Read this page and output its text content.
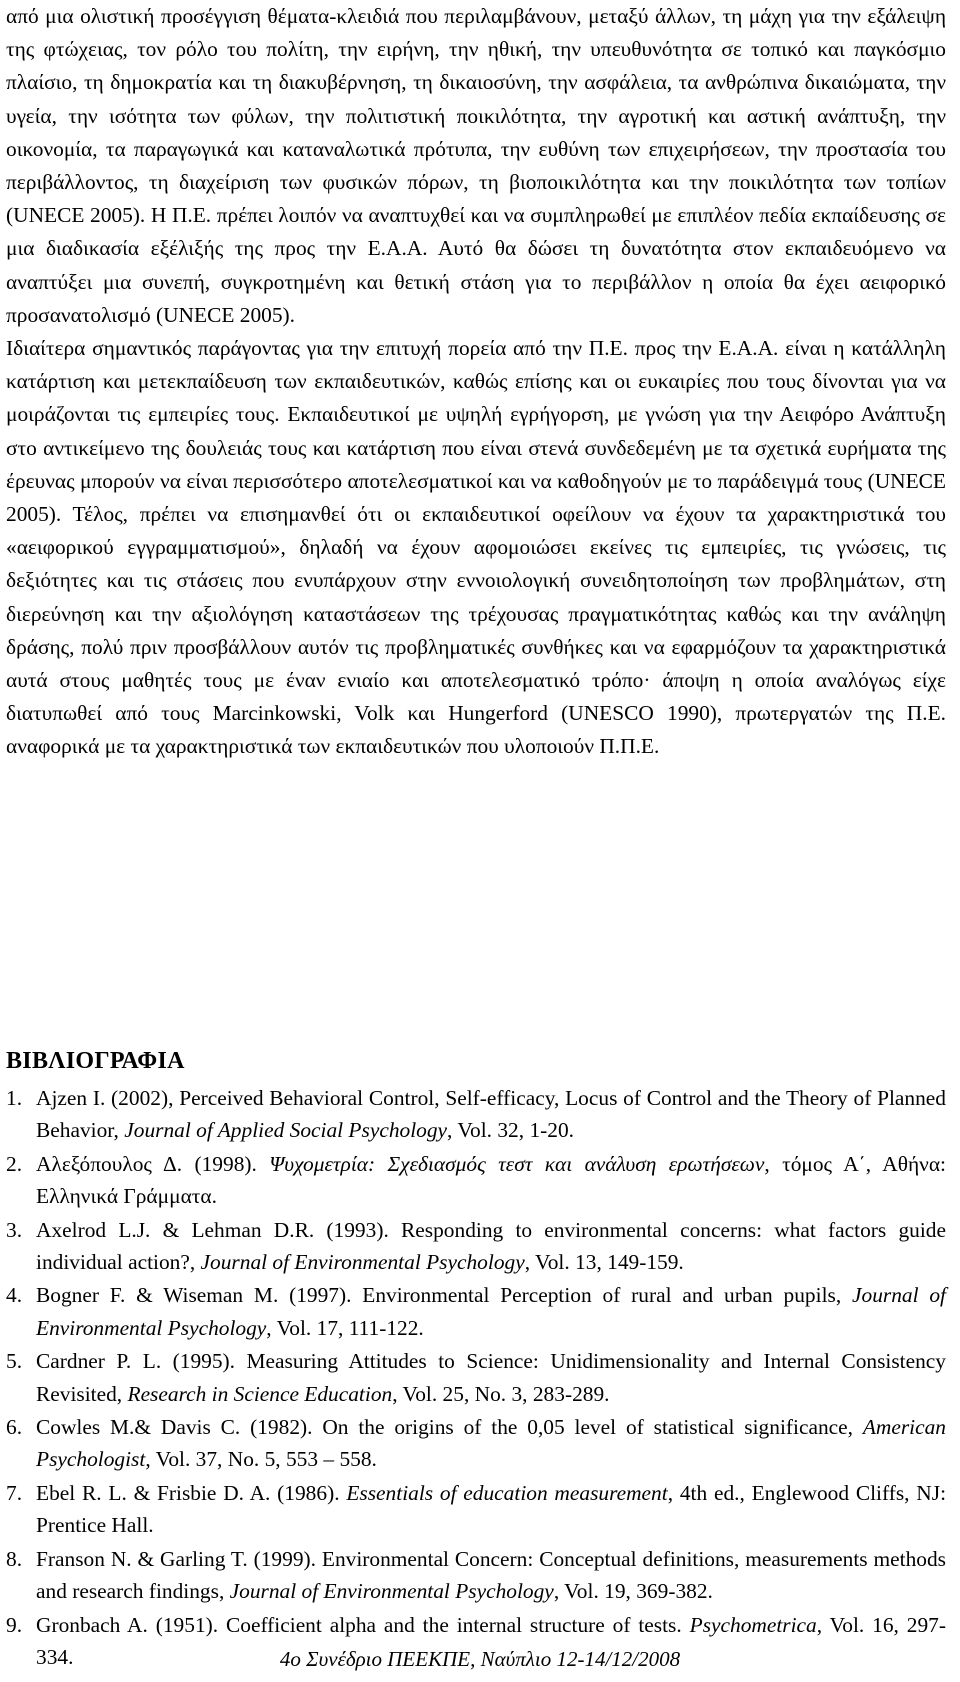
από μια ολιστική προσέγγιση θέματα-κλειδιά που περιλαμβάνουν, μεταξύ άλλων, τη μάχη για την εξάλειψη της φτώχειας, τον ρόλο του πολίτη, την ειρήνη, την ηθική, την υπευθυνότητα σε τοπικό και παγκόσμιο πλαίσιο, τη δημοκρατία και τη διακυβέρνηση, τη δικαιοσύνη, την ασφάλεια, τα ανθρώπινα δικαιώματα, την υγεία, την ισότητα των φύλων, την πολιτιστική ποικιλότητα, την αγροτική και αστική ανάπτυξη, την οικονομία, τα παραγωγικά και καταναλωτικά πρότυπα, την ευθύνη των επιχειρήσεων, την προστασία του περιβάλλοντος, τη διαχείριση των φυσικών πόρων, τη βιοποικιλότητα και την ποικιλότητα των τοπίων (UNECE 2005). Η Π.Ε. πρέπει λοιπόν να αναπτυχθεί και να συμπληρωθεί με επιπλέον πεδία εκπαίδευσης σε μια διαδικασία εξέλιξής της προς την Ε.Α.Α. Αυτό θα δώσει τη δυνατότητα στον εκπαιδευόμενο να αναπτύξει μια συνεπή, συγκροτημένη και θετική στάση για το περιβάλλον η οποία θα έχει αειφορικό προσανατολισμό (UNECE 2005).

Ιδιαίτερα σημαντικός παράγοντας για την επιτυχή πορεία από την Π.Ε. προς την Ε.Α.Α. είναι η κατάλληλη κατάρτιση και μετεκπαίδευση των εκπαιδευτικών, καθώς επίσης και οι ευκαιρίες που τους δίνονται για να μοιράζονται τις εμπειρίες τους. Εκπαιδευτικοί με υψηλή εγρήγορση, με γνώση για την Αειφόρο Ανάπτυξη στο αντικείμενο της δουλειάς τους και κατάρτιση που είναι στενά συνδεδεμένη με τα σχετικά ευρήματα της έρευνας μπορούν να είναι περισσότερο αποτελεσματικοί και να καθοδηγούν με το παράδειγμά τους (UNECE 2005). Τέλος, πρέπει να επισημανθεί ότι οι εκπαιδευτικοί οφείλουν να έχουν τα χαρακτηριστικά του «αειφορικού εγγραμματισμού», δηλαδή να έχουν αφομοιώσει εκείνες τις εμπειρίες, τις γνώσεις, τις δεξιότητες και τις στάσεις που ενυπάρχουν στην εννοιολογική συνειδητοποίηση των προβλημάτων, στη διερεύνηση και την αξιολόγηση καταστάσεων της τρέχουσας πραγματικότητας καθώς και την ανάληψη δράσης, πολύ πριν προσβάλλουν αυτόν τις προβληματικές συνθήκες και να εφαρμόζουν τα χαρακτηριστικά αυτά στους μαθητές τους με έναν ενιαίο και αποτελεσματικό τρόπο· άποψη η οποία αναλόγως είχε διατυπωθεί από τους Marcinkowski, Volk και Hungerford (UNESCO 1990), πρωτεργατών της Π.Ε. αναφορικά με τα χαρακτηριστικά των εκπαιδευτικών που υλοποιούν Π.Π.Ε.

ΒΙΒΛΙΟΓΡΑΦΙΑ
1. Ajzen I. (2002), Perceived Behavioral Control, Self-efficacy, Locus of Control and the Theory of Planned Behavior, Journal of Applied Social Psychology, Vol. 32, 1-20.
2. Αλεξόπουλος Δ. (1998). Ψυχομετρία: Σχεδιασμός τεστ και ανάλυση ερωτήσεων, τόμος Α΄, Αθήνα: Ελληνικά Γράμματα.
3. Axelrod L.J. & Lehman D.R. (1993). Responding to environmental concerns: what factors guide individual action?, Journal of Environmental Psychology, Vol. 13, 149-159.
4. Bogner F. & Wiseman M. (1997). Environmental Perception of rural and urban pupils, Journal of Environmental Psychology, Vol. 17, 111-122.
5. Cardner P. L. (1995). Measuring Attitudes to Science: Unidimensionality and Internal Consistency Revisited, Research in Science Education, Vol. 25, No. 3, 283-289.
6. Cowles M.& Davis C. (1982). On the origins of the 0,05 level of statistical significance, American Psychologist, Vol. 37, No. 5, 553 – 558.
7. Ebel R. L. & Frisbie D. A. (1986). Essentials of education measurement, 4th ed., Englewood Cliffs, NJ: Prentice Hall.
8. Franson N. & Garling T. (1999). Environmental Concern: Conceptual definitions, measurements methods and research findings, Journal of Environmental Psychology, Vol. 19, 369-382.
9. Gronbach A. (1951). Coefficient alpha and the internal structure of tests. Psychometrica, Vol. 16, 297-334.	4ο Συνέδριο ΠΕΕΚΠΕ, Ναύπλιο 12-14/12/2008
